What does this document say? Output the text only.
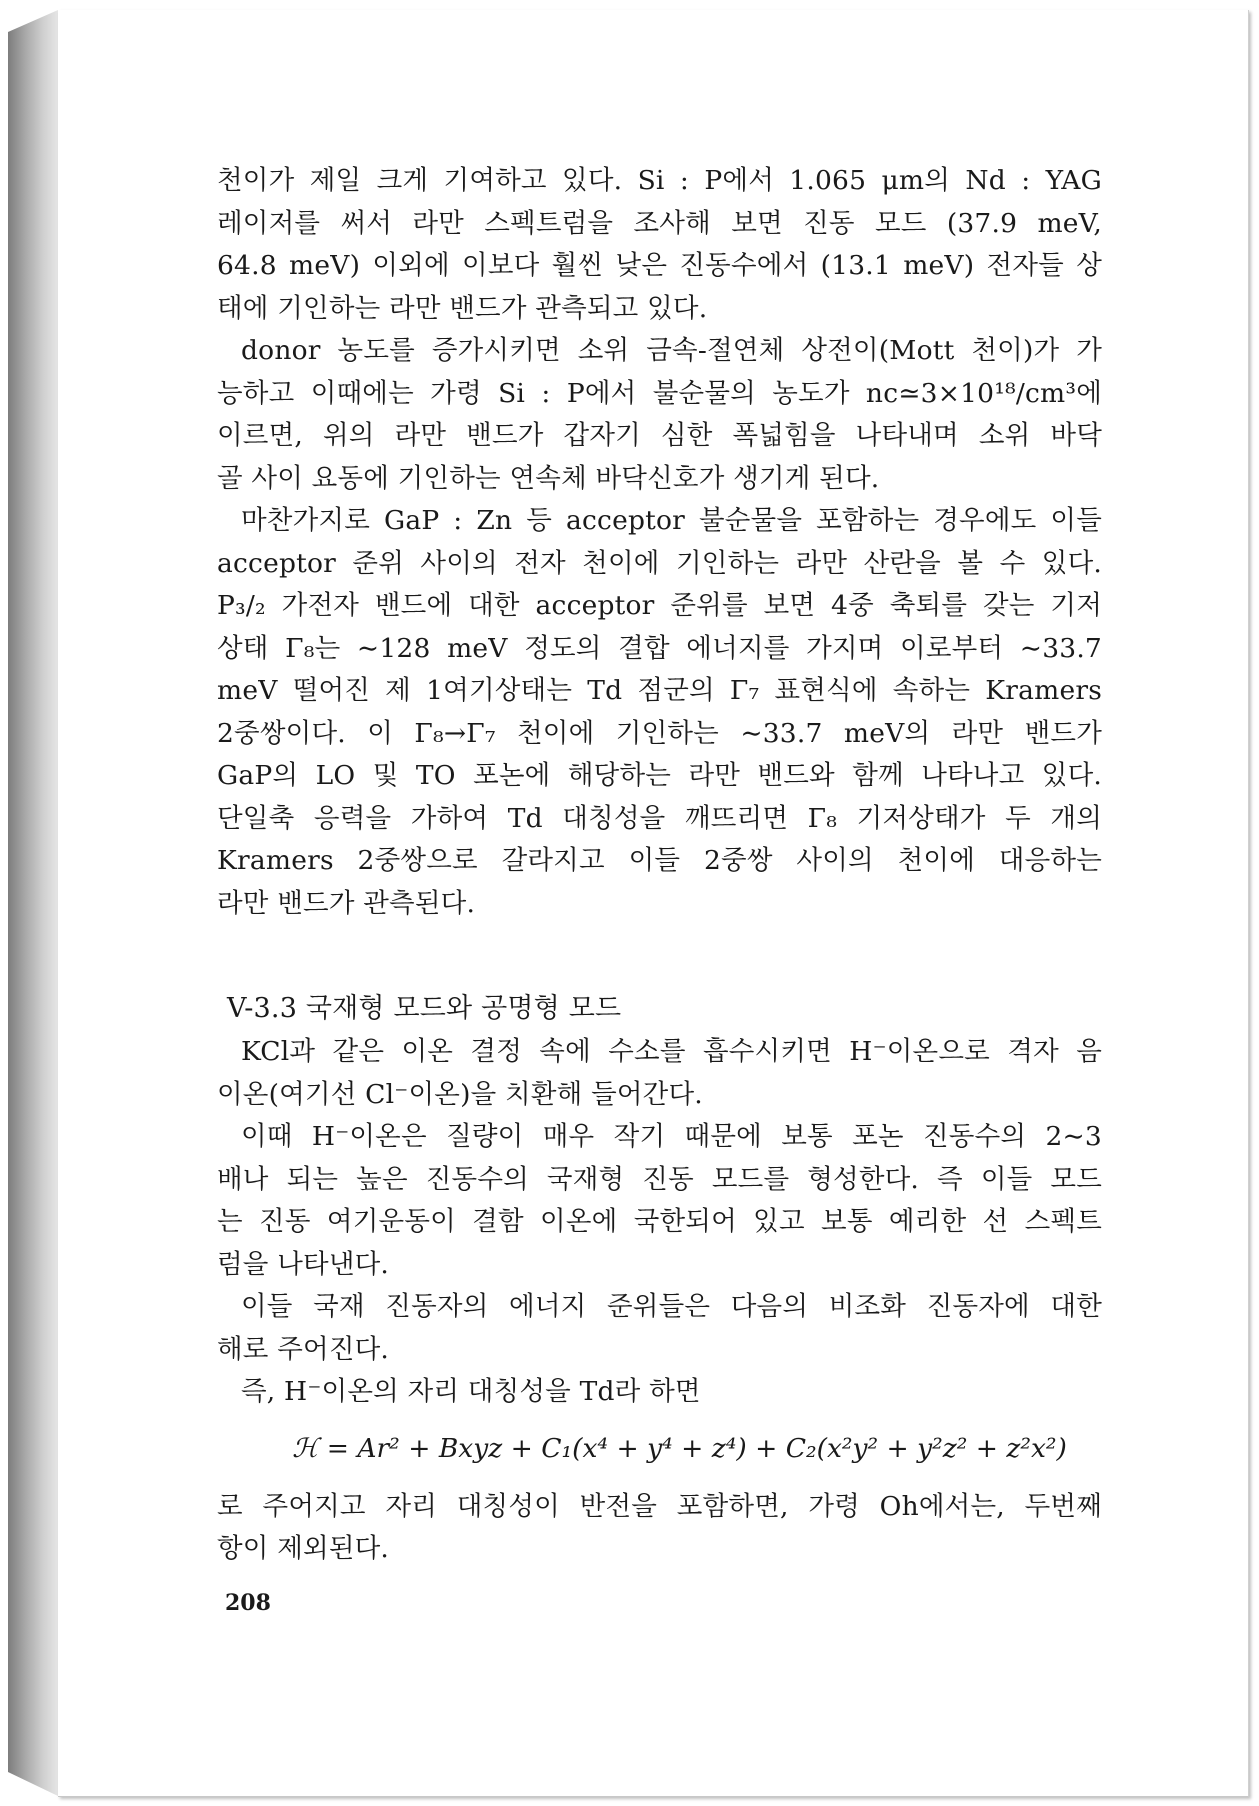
천이가 제일 크게 기여하고 있다. Si : P에서 1.065 μm의 Nd : YAG
레이저를 써서 라만 스펙트럼을 조사해 보면 진동 모드 (37.9 meV,
64.8 meV) 이외에 이보다 훨씬 낮은 진동수에서 (13.1 meV) 전자들 상
태에 기인하는 라만 밴드가 관측되고 있다.
donor 농도를 증가시키면 소위 금속-절연체 상전이(Mott 천이)가 가
능하고 이때에는 가령 Si : P에서 불순물의 농도가 nc≃3×10¹⁸/cm³에
이르면, 위의 라만 밴드가 갑자기 심한 폭넓힘을 나타내며 소위 바닥
골 사이 요동에 기인하는 연속체 바닥신호가 생기게 된다.
마찬가지로 GaP : Zn 등 acceptor 불순물을 포함하는 경우에도 이들
acceptor 준위 사이의 전자 천이에 기인하는 라만 산란을 볼 수 있다.
P₃/₂ 가전자 밴드에 대한 acceptor 준위를 보면 4중 축퇴를 갖는 기저
상태 Γ₈는 ∼128 meV 정도의 결합 에너지를 가지며 이로부터 ∼33.7
meV 떨어진 제 1여기상태는 Td 점군의 Γ₇ 표현식에 속하는 Kramers
2중쌍이다. 이 Γ₈→Γ₇ 천이에 기인하는 ∼33.7 meV의 라만 밴드가
GaP의 LO 및 TO 포논에 해당하는 라만 밴드와 함께 나타나고 있다.
단일축 응력을 가하여 Td 대칭성을 깨뜨리면 Γ₈ 기저상태가 두 개의
Kramers 2중쌍으로 갈라지고 이들 2중쌍 사이의 천이에 대응하는
라만 밴드가 관측된다.
V-3.3 국재형 모드와 공명형 모드
KCl과 같은 이온 결정 속에 수소를 흡수시키면 H⁻이온으로 격자 음
이온(여기선 Cl⁻이온)을 치환해 들어간다.
이때 H⁻이온은 질량이 매우 작기 때문에 보통 포논 진동수의 2∼3
배나 되는 높은 진동수의 국재형 진동 모드를 형성한다. 즉 이들 모드
는 진동 여기운동이 결함 이온에 국한되어 있고 보통 예리한 선 스펙트
럼을 나타낸다.
이들 국재 진동자의 에너지 준위들은 다음의 비조화 진동자에 대한
해로 주어진다.
즉, H⁻이온의 자리 대칭성을 Td라 하면
ℋ = Ar² + Bxyz + C₁(x⁴ + y⁴ + z⁴) + C₂(x²y² + y²z² + z²x²)
로 주어지고 자리 대칭성이 반전을 포함하면, 가령 Oh에서는, 두번째
항이 제외된다.
208
